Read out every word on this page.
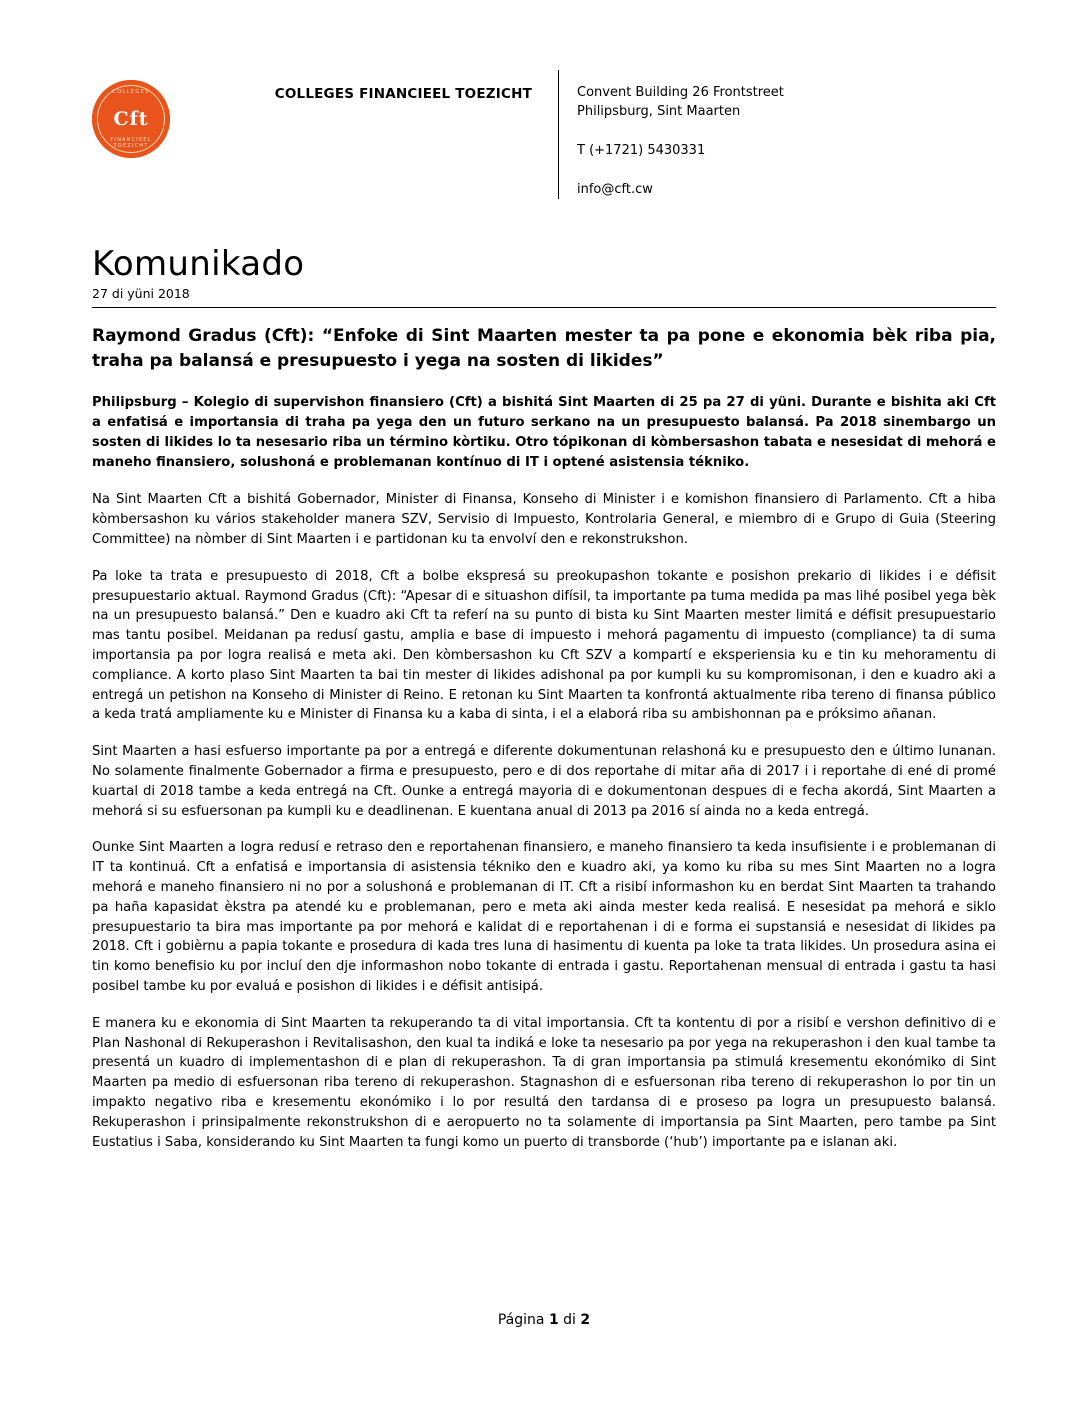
COLLEGES
Cft
FINANCIEEL TOEZICHT
COLLEGES FINANCIEEL TOEZICHT	Convent Building 26 Frontstreet
Philipsburg, Sint Maarten
T (+1721) 5430331
info@cft.cw
Komunikado
27 di yüni 2018
Raymond Gradus (Cft): “Enfoke di Sint Maarten mester ta pa pone e ekonomia bèk riba pia, traha pa balansá e presupuesto i yega na sosten di likides”
Philipsburg – Kolegio di supervishon finansiero (Cft) a bishitá Sint Maarten di 25 pa 27 di yüni. Durante e bishita aki Cft a enfatisá e importansia di traha pa yega den un futuro serkano na un presupuesto balansá. Pa 2018 sinembargo un sosten di likides lo ta nesesario riba un término kòrtiku. Otro tópikonan di kòmbersashon tabata e nesesidat di mehorá e maneho finansiero, solushoná e problemanan kontínuo di IT i optené asistensia tékniko.

Na Sint Maarten Cft a bishitá Gobernador, Minister di Finansa, Konseho di Minister i e komishon finansiero di Parlamento. Cft a hiba kòmbersashon ku vários stakeholder manera SZV, Servisio di Impuesto, Kontrolaria General, e miembro di e Grupo di Guia (Steering Committee) na nòmber di Sint Maarten i e partidonan ku ta envolví den e rekonstrukshon.

Pa loke ta trata e presupuesto di 2018, Cft a bolbe ekspresá su preokupashon tokante e posishon prekario di likides i e défisit presupuestario aktual. Raymond Gradus (Cft): “Apesar di e situashon difísil, ta importante pa tuma medida pa mas lihé posibel yega bèk na un presupuesto balansá.” Den e kuadro aki Cft ta referí na su punto di bista ku Sint Maarten mester limitá e défisit presupuestario mas tantu posibel. Meidanan pa redusí gastu, amplia e base di impuesto i mehorá pagamentu di impuesto (compliance) ta di suma importansia pa por logra realisá e meta aki. Den kòmbersashon ku Cft SZV a kompartí e eksperiensia ku e tin ku mehoramentu di compliance. A korto plaso Sint Maarten ta bai tin mester di likides adishonal pa por kumpli ku su kompromisonan, i den e kuadro aki a entregá un petishon na Konseho di Minister di Reino. E retonan ku Sint Maarten ta konfrontá aktualmente riba tereno di finansa público a keda tratá ampliamente ku e Minister di Finansa ku a kaba di sinta, i el a elaborá riba su ambishonnan pa e próksimo añanan.

Sint Maarten a hasi esfuerso importante pa por a entregá e diferente dokumentunan relashoná ku e presupuesto den e último lunanan. No solamente finalmente Gobernador a firma e presupuesto, pero e di dos reportahe di mitar aña di 2017 i i reportahe di ené di promé kuartal di 2018 tambe a keda entregá na Cft. Ounke a entregá mayoria di e dokumentonan despues di e fecha akordá, Sint Maarten a mehorá si su esfuersonan pa kumpli ku e deadlinenan. E kuentana anual di 2013 pa 2016 sí ainda no a keda entregá.

Ounke Sint Maarten a logra redusí e retraso den e reportahenan finansiero, e maneho finansiero ta keda insufisiente i e problemanan di IT ta kontinuá. Cft a enfatisá e importansia di asistensia tékniko den e kuadro aki, ya komo ku riba su mes Sint Maarten no a logra mehorá e maneho finansiero ni no por a solushoná e problemanan di IT. Cft a risibí informashon ku en berdat Sint Maarten ta trahando pa haña kapasidat èkstra pa atendé ku e problemanan, pero e meta aki ainda mester keda realisá. E nesesidat pa mehorá e siklo presupuestario ta bira mas importante pa por mehorá e kalidat di e reportahenan i di e forma ei supstansiá e nesesidat di likides pa 2018. Cft i gobièrnu a papia tokante e prosedura di kada tres luna di hasimentu di kuenta pa loke ta trata likides. Un prosedura asina ei tin komo benefisio ku por incluí den dje informashon nobo tokante di entrada i gastu. Reportahenan mensual di entrada i gastu ta hasi posibel tambe ku por evaluá e posishon di likides i e défisit antisipá.

E manera ku e ekonomia di Sint Maarten ta rekuperando ta di vital importansia. Cft ta kontentu di por a risibí e vershon definitivo di e Plan Nashonal di Rekuperashon i Revitalisashon, den kual ta indiká e loke ta nesesario pa por yega na rekuperashon i den kual tambe ta presentá un kuadro di implementashon di e plan di rekuperashon. Ta di gran importansia pa stimulá kresementu ekonómiko di Sint Maarten pa medio di esfuersonan riba tereno di rekuperashon. Stagnashon di e esfuersonan riba tereno di rekuperashon lo por tin un impakto negativo riba e kresementu ekonómiko i lo por resultá den tardansa di e proseso pa logra un presupuesto balansá. Rekuperashon i prinsipalmente rekonstrukshon di e aeropuerto no ta solamente di importansia pa Sint Maarten, pero tambe pa Sint Eustatius i Saba, konsiderando ku Sint Maarten ta fungi komo un puerto di transborde (‘hub’) importante pa e islanan aki.

Página 1 di 2
